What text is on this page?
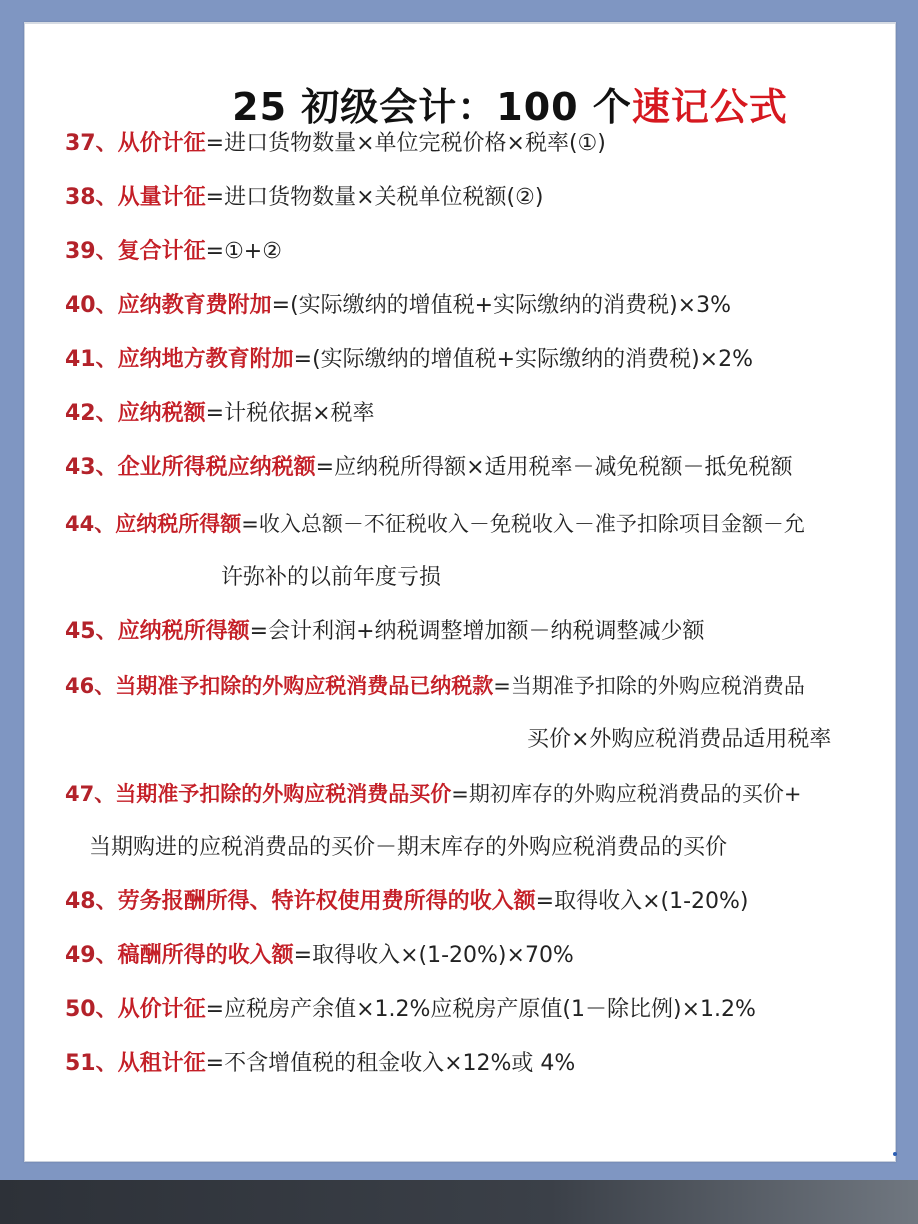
25 初级会计：100 个速记公式
37、从价计征=进口货物数量×单位完税价格×税率(①)
38、从量计征=进口货物数量×关税单位税额(②)
39、复合计征=①+②
40、应纳教育费附加=(实际缴纳的增值税+实际缴纳的消费税)×3%
41、应纳地方教育附加=(实际缴纳的增值税+实际缴纳的消费税)×2%
42、应纳税额=计税依据×税率
43、企业所得税应纳税额=应纳税所得额×适用税率－减免税额－抵免税额
44、应纳税所得额=收入总额－不征税收入－免税收入－准予扣除项目金额－允
许弥补的以前年度亏损
45、应纳税所得额=会计利润+纳税调整增加额－纳税调整减少额
46、当期准予扣除的外购应税消费品已纳税款=当期准予扣除的外购应税消费品
买价×外购应税消费品适用税率
47、当期准予扣除的外购应税消费品买价=期初库存的外购应税消费品的买价+
当期购进的应税消费品的买价－期末库存的外购应税消费品的买价
48、劳务报酬所得、特许权使用费所得的收入额=取得收入×(1-20%)
49、稿酬所得的收入额=取得收入×(1-20%)×70%
50、从价计征=应税房产余值×1.2%应税房产原值(1－除比例)×1.2%
51、从租计征=不含增值税的租金收入×12%或 4%
